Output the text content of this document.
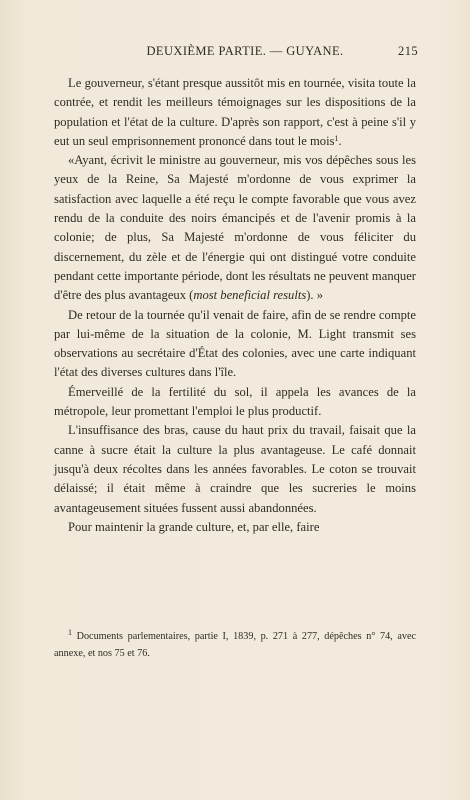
DEUXIÈME PARTIE. — GUYANE.	215

Le gouverneur, s'étant presque aussitôt mis en tournée, visita toute la contrée, et rendit les meilleurs témoignages sur les dispositions de la population et l'état de la culture. D'après son rapport, c'est à peine s'il y eut un seul emprisonnement prononcé dans tout le mois$^1$.

«Ayant, écrivit le ministre au gouverneur, mis vos dépêches sous les yeux de la Reine, Sa Majesté m'ordonne de vous exprimer la satisfaction avec laquelle a été reçu le compte favorable que vous avez rendu de la conduite des noirs émancipés et de l'avenir promis à la colonie; de plus, Sa Majesté m'ordonne de vous féliciter du discernement, du zèle et de l'énergie qui ont distingué votre conduite pendant cette importante période, dont les résultats ne peuvent manquer d'être des plus avantageux (most beneficial results). »

De retour de la tournée qu'il venait de faire, afin de se rendre compte par lui-même de la situation de la colonie, M. Light transmit ses observations au secrétaire d'État des colonies, avec une carte indiquant l'état des diverses cultures dans l'île.

Émerveillé de la fertilité du sol, il appela les avances de la métropole, leur promettant l'emploi le plus productif.

L'insuffisance des bras, cause du haut prix du travail, faisait que la canne à sucre était la culture la plus avantageuse. Le café donnait jusqu'à deux récoltes dans les années favorables. Le coton se trouvait délaissé; il était même à craindre que les sucreries le moins avantageusement situées fussent aussi abandonnées.

Pour maintenir la grande culture, et, par elle, faire

$^1$ Documents parlementaires, partie I, 1839, p. 271 à 277, dépêches n° 74, avec annexe, et nos 75 et 76.
